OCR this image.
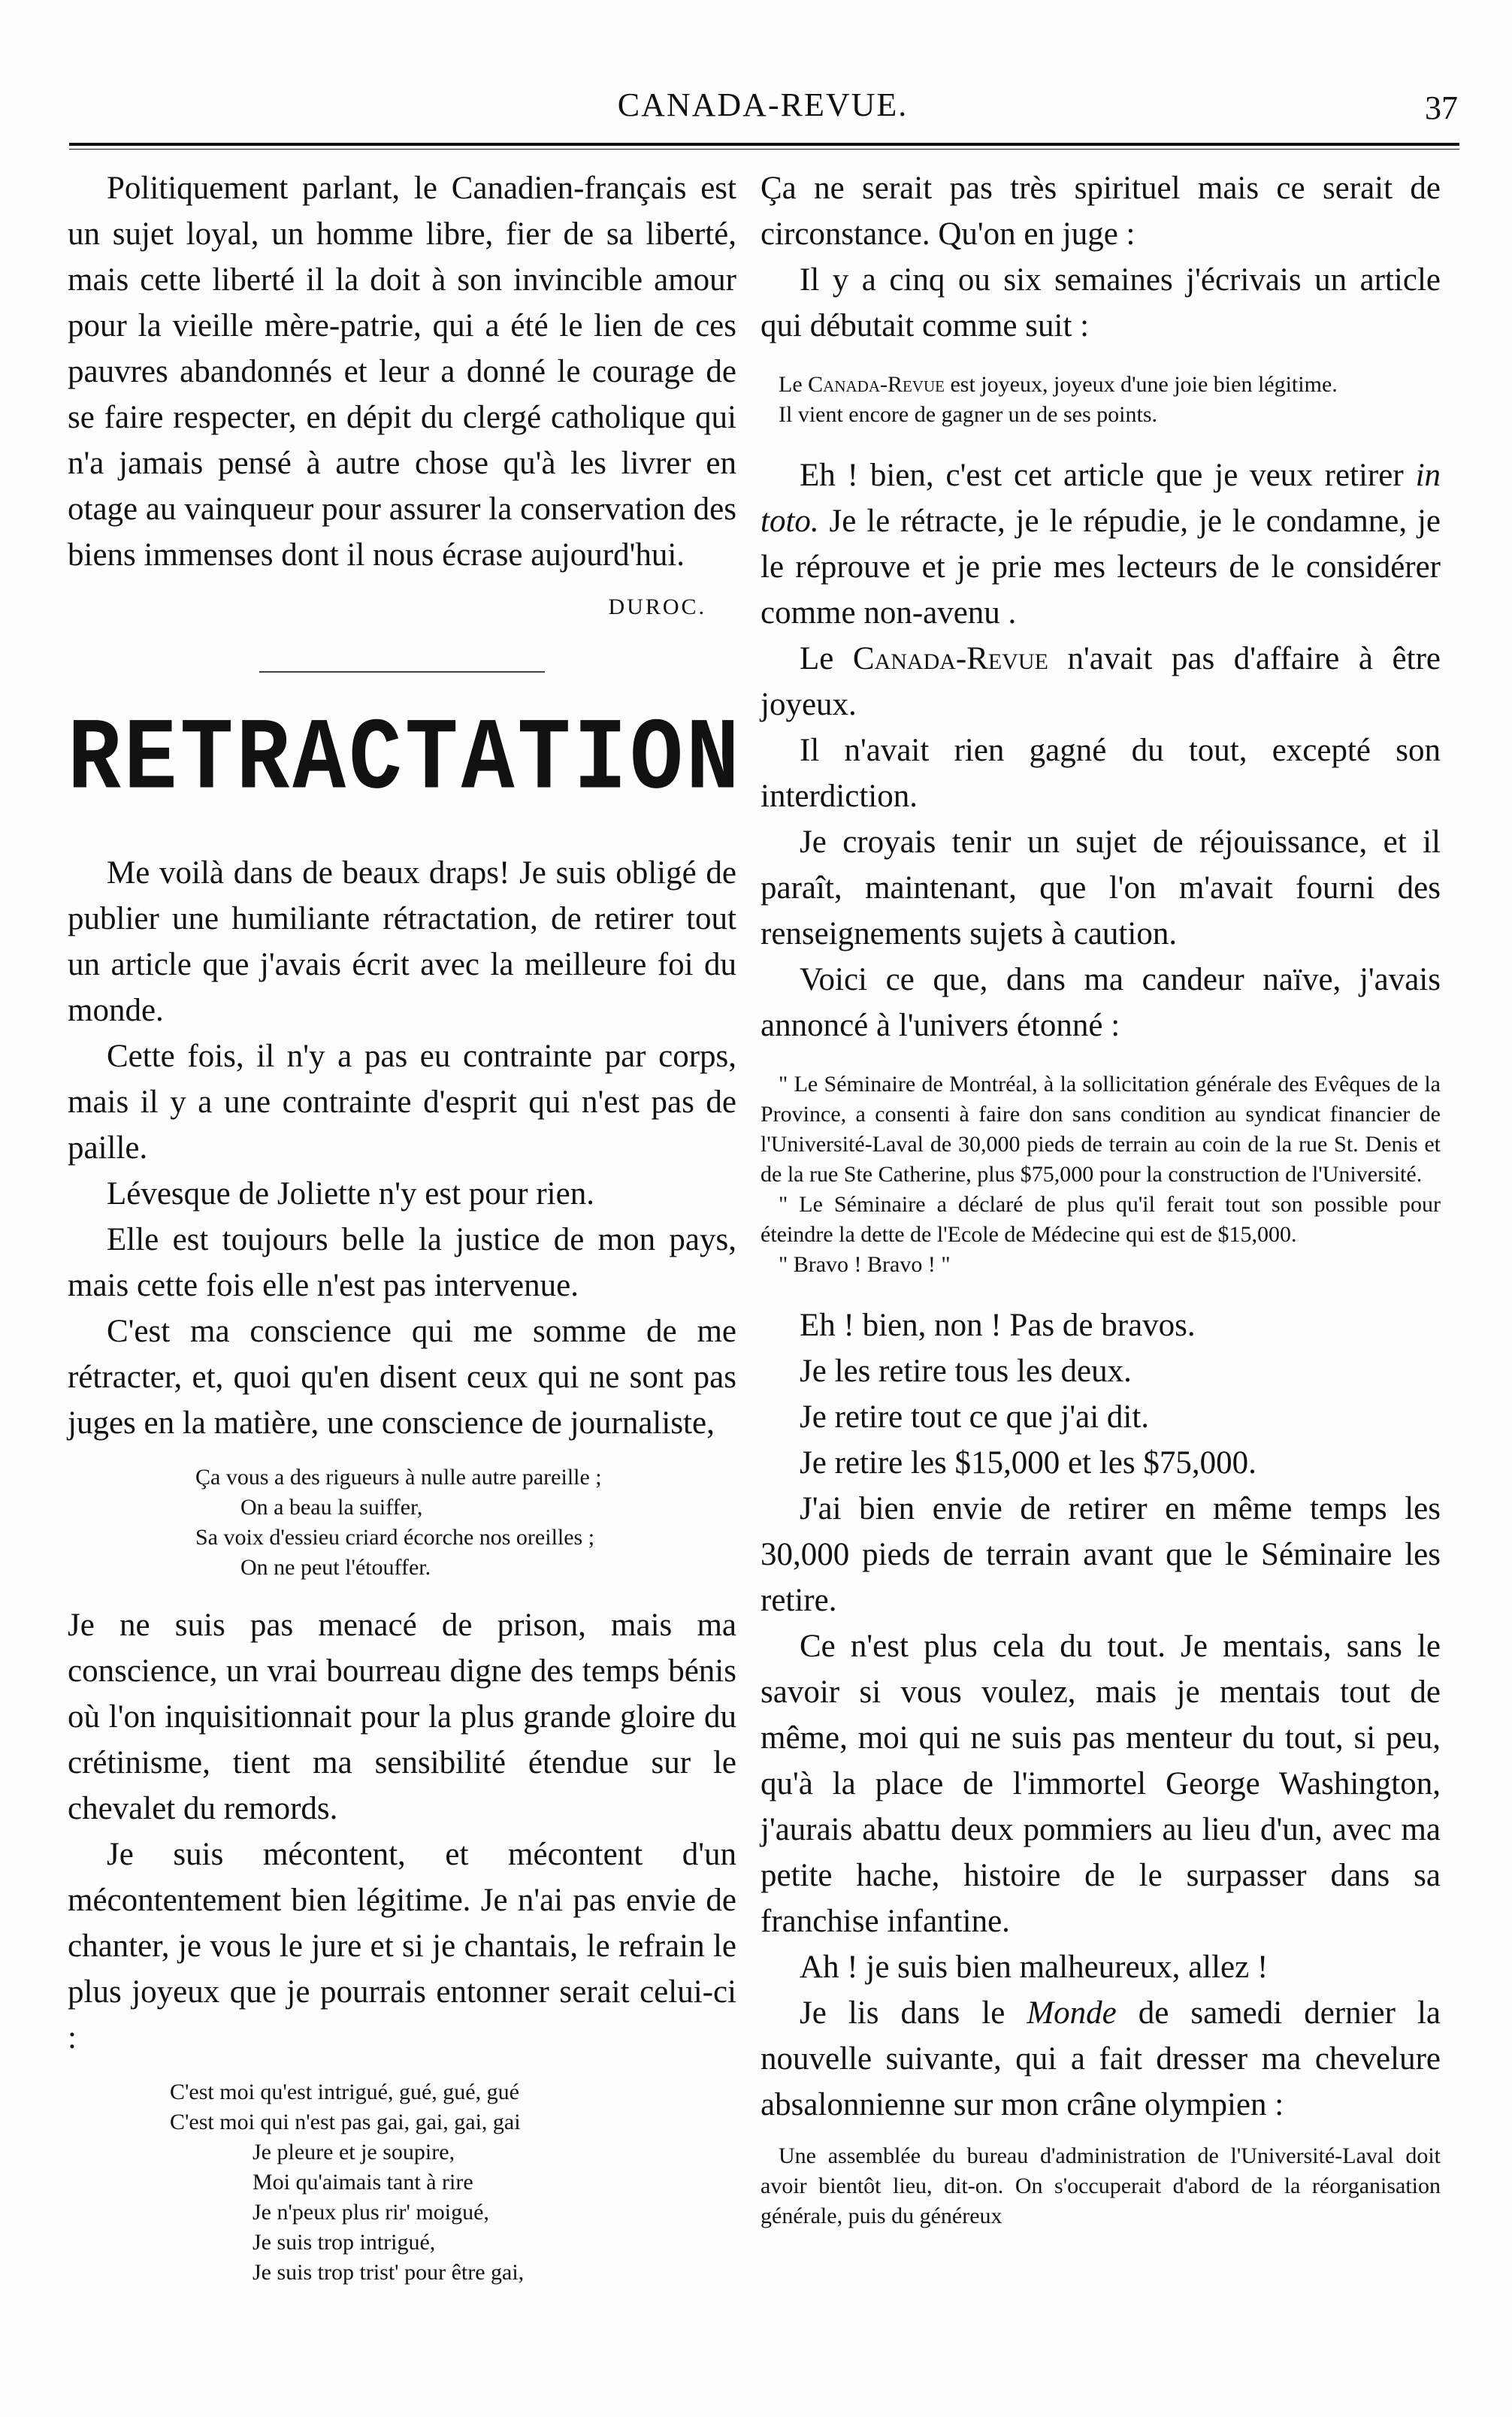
CANADA-REVUE.	37

Politiquement parlant, le Canadien-français est un sujet loyal, un homme libre, fier de sa liberté, mais cette liberté il la doit à son invincible amour pour la vieille mère-patrie, qui a été le lien de ces pauvres abandonnés et leur a donné le courage de se faire respecter, en dépit du clergé catholique qui n'a jamais pensé à autre chose qu'à les livrer en otage au vainqueur pour assurer la conservation des biens immenses dont il nous écrase aujourd'hui.

DUROC.
RETRACTATION

Me voilà dans de beaux draps! Je suis obligé de publier une humiliante rétractation, de retirer tout un article que j'avais écrit avec la meilleure foi du monde.

Cette fois, il n'y a pas eu contrainte par corps, mais il y a une contrainte d'esprit qui n'est pas de paille.

Lévesque de Joliette n'y est pour rien.

Elle est toujours belle la justice de mon pays, mais cette fois elle n'est pas intervenue.

C'est ma conscience qui me somme de me rétracter, et, quoi qu'en disent ceux qui ne sont pas juges en la matière, une conscience de journaliste,

Ça vous a des rigueurs à nulle autre pareille ;
On a beau la suiffer,
Sa voix d'essieu criard écorche nos oreilles ;
On ne peut l'étouffer.

Je ne suis pas menacé de prison, mais ma conscience, un vrai bourreau digne des temps bénis où l'on inquisitionnait pour la plus grande gloire du crétinisme, tient ma sensibilité étendue sur le chevalet du remords.

Je suis mécontent, et mécontent d'un mécontentement bien légitime. Je n'ai pas envie de chanter, je vous le jure et si je chantais, le refrain le plus joyeux que je pourrais entonner serait celui-ci :

C'est moi qu'est intrigué, gué, gué, gué
C'est moi qui n'est pas gai, gai, gai, gai
Je pleure et je soupire,
Moi qu'aimais tant à rire
Je n'peux plus rir' moigué,
Je suis trop intrigué,
Je suis trop trist' pour être gai,

Ça ne serait pas très spirituel mais ce serait de circonstance. Qu'on en juge :

Il y a cinq ou six semaines j'écrivais un article qui débutait comme suit :

Le Canada-Revue est joyeux, joyeux d'une joie bien légitime.

Il vient encore de gagner un de ses points.

Eh ! bien, c'est cet article que je veux retirer in toto. Je le rétracte, je le répudie, je le condamne, je le réprouve et je prie mes lecteurs de le considérer comme non-avenu .

Le Canada-Revue n'avait pas d'affaire à être joyeux.

Il n'avait rien gagné du tout, excepté son interdiction.

Je croyais tenir un sujet de réjouissance, et il paraît, maintenant, que l'on m'avait fourni des renseignements sujets à caution.

Voici ce que, dans ma candeur naïve, j'avais annoncé à l'univers étonné :

" Le Séminaire de Montréal, à la sollicitation générale des Evêques de la Province, a consenti à faire don sans condition au syndicat financier de l'Université-Laval de 30,000 pieds de terrain au coin de la rue St. Denis et de la rue Ste Catherine, plus $75,000 pour la construction de l'Université.

" Le Séminaire a déclaré de plus qu'il ferait tout son possible pour éteindre la dette de l'Ecole de Médecine qui est de $15,000.

" Bravo ! Bravo ! "

Eh ! bien, non ! Pas de bravos.

Je les retire tous les deux.

Je retire tout ce que j'ai dit.

Je retire les $15,000 et les $75,000.

J'ai bien envie de retirer en même temps les 30,000 pieds de terrain avant que le Séminaire les retire.

Ce n'est plus cela du tout. Je mentais, sans le savoir si vous voulez, mais je mentais tout de même, moi qui ne suis pas menteur du tout, si peu, qu'à la place de l'immortel George Washington, j'aurais abattu deux pommiers au lieu d'un, avec ma petite hache, histoire de le surpasser dans sa franchise infantine.

Ah ! je suis bien malheureux, allez !

Je lis dans le Monde de samedi dernier la nouvelle suivante, qui a fait dresser ma chevelure absalonnienne sur mon crâne olympien :

Une assemblée du bureau d'administration de l'Université-Laval doit avoir bientôt lieu, dit-on. On s'occuperait d'abord de la réorganisation générale, puis du généreux
